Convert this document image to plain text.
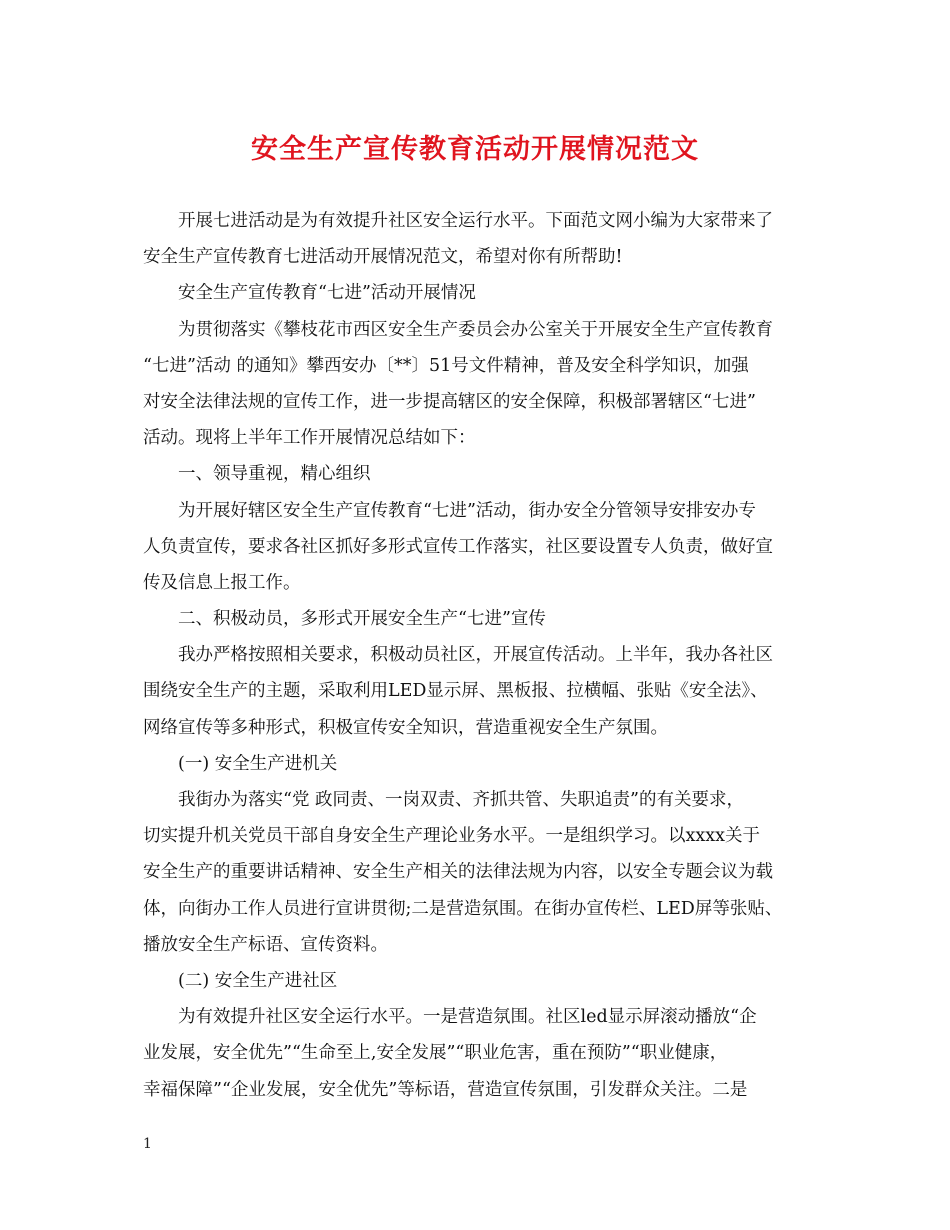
安全生产宣传教育活动开展情况范文
开展七进活动是为有效提升社区安全运行水平。下面范文网小编为大家带来了
安全生产宣传教育七进活动开展情况范文，希望对你有所帮助!
安全生产宣传教育“七进”活动开展情况
为贯彻落实《攀枝花市西区安全生产委员会办公室关于开展安全生产宣传教育
“七进”活动 的通知》攀西安办〔**〕51号文件精神，普及安全科学知识，加强
对安全法律法规的宣传工作，进一步提高辖区的安全保障，积极部署辖区“七进”
活动。现将上半年工作开展情况总结如下：
一、领导重视，精心组织
为开展好辖区安全生产宣传教育“七进”活动，街办安全分管领导安排安办专
人负责宣传，要求各社区抓好多形式宣传工作落实，社区要设置专人负责，做好宣
传及信息上报工作。
二、积极动员，多形式开展安全生产“七进”宣传
我办严格按照相关要求，积极动员社区，开展宣传活动。上半年，我办各社区
围绕安全生产的主题，采取利用LED显示屏、黑板报、拉横幅、张贴《安全法》、
网络宣传等多种形式，积极宣传安全知识，营造重视安全生产氛围。
(一) 安全生产进机关
我街办为落实“党 政同责、一岗双责、齐抓共管、失职追责”的有关要求，
切实提升机关党员干部自身安全生产理论业务水平。一是组织学习。以xxxx关于
安全生产的重要讲话精神、安全生产相关的法律法规为内容，以安全专题会议为载
体，向街办工作人员进行宣讲贯彻;二是营造氛围。在街办宣传栏、LED屏等张贴、
播放安全生产标语、宣传资料。
(二) 安全生产进社区
为有效提升社区安全运行水平。一是营造氛围。社区led显示屏滚动播放“企
业发展，安全优先”“生命至上,安全发展”“职业危害，重在预防”“职业健康，
幸福保障”“企业发展，安全优先”等标语，营造宣传氛围，引发群众关注。二是
1
